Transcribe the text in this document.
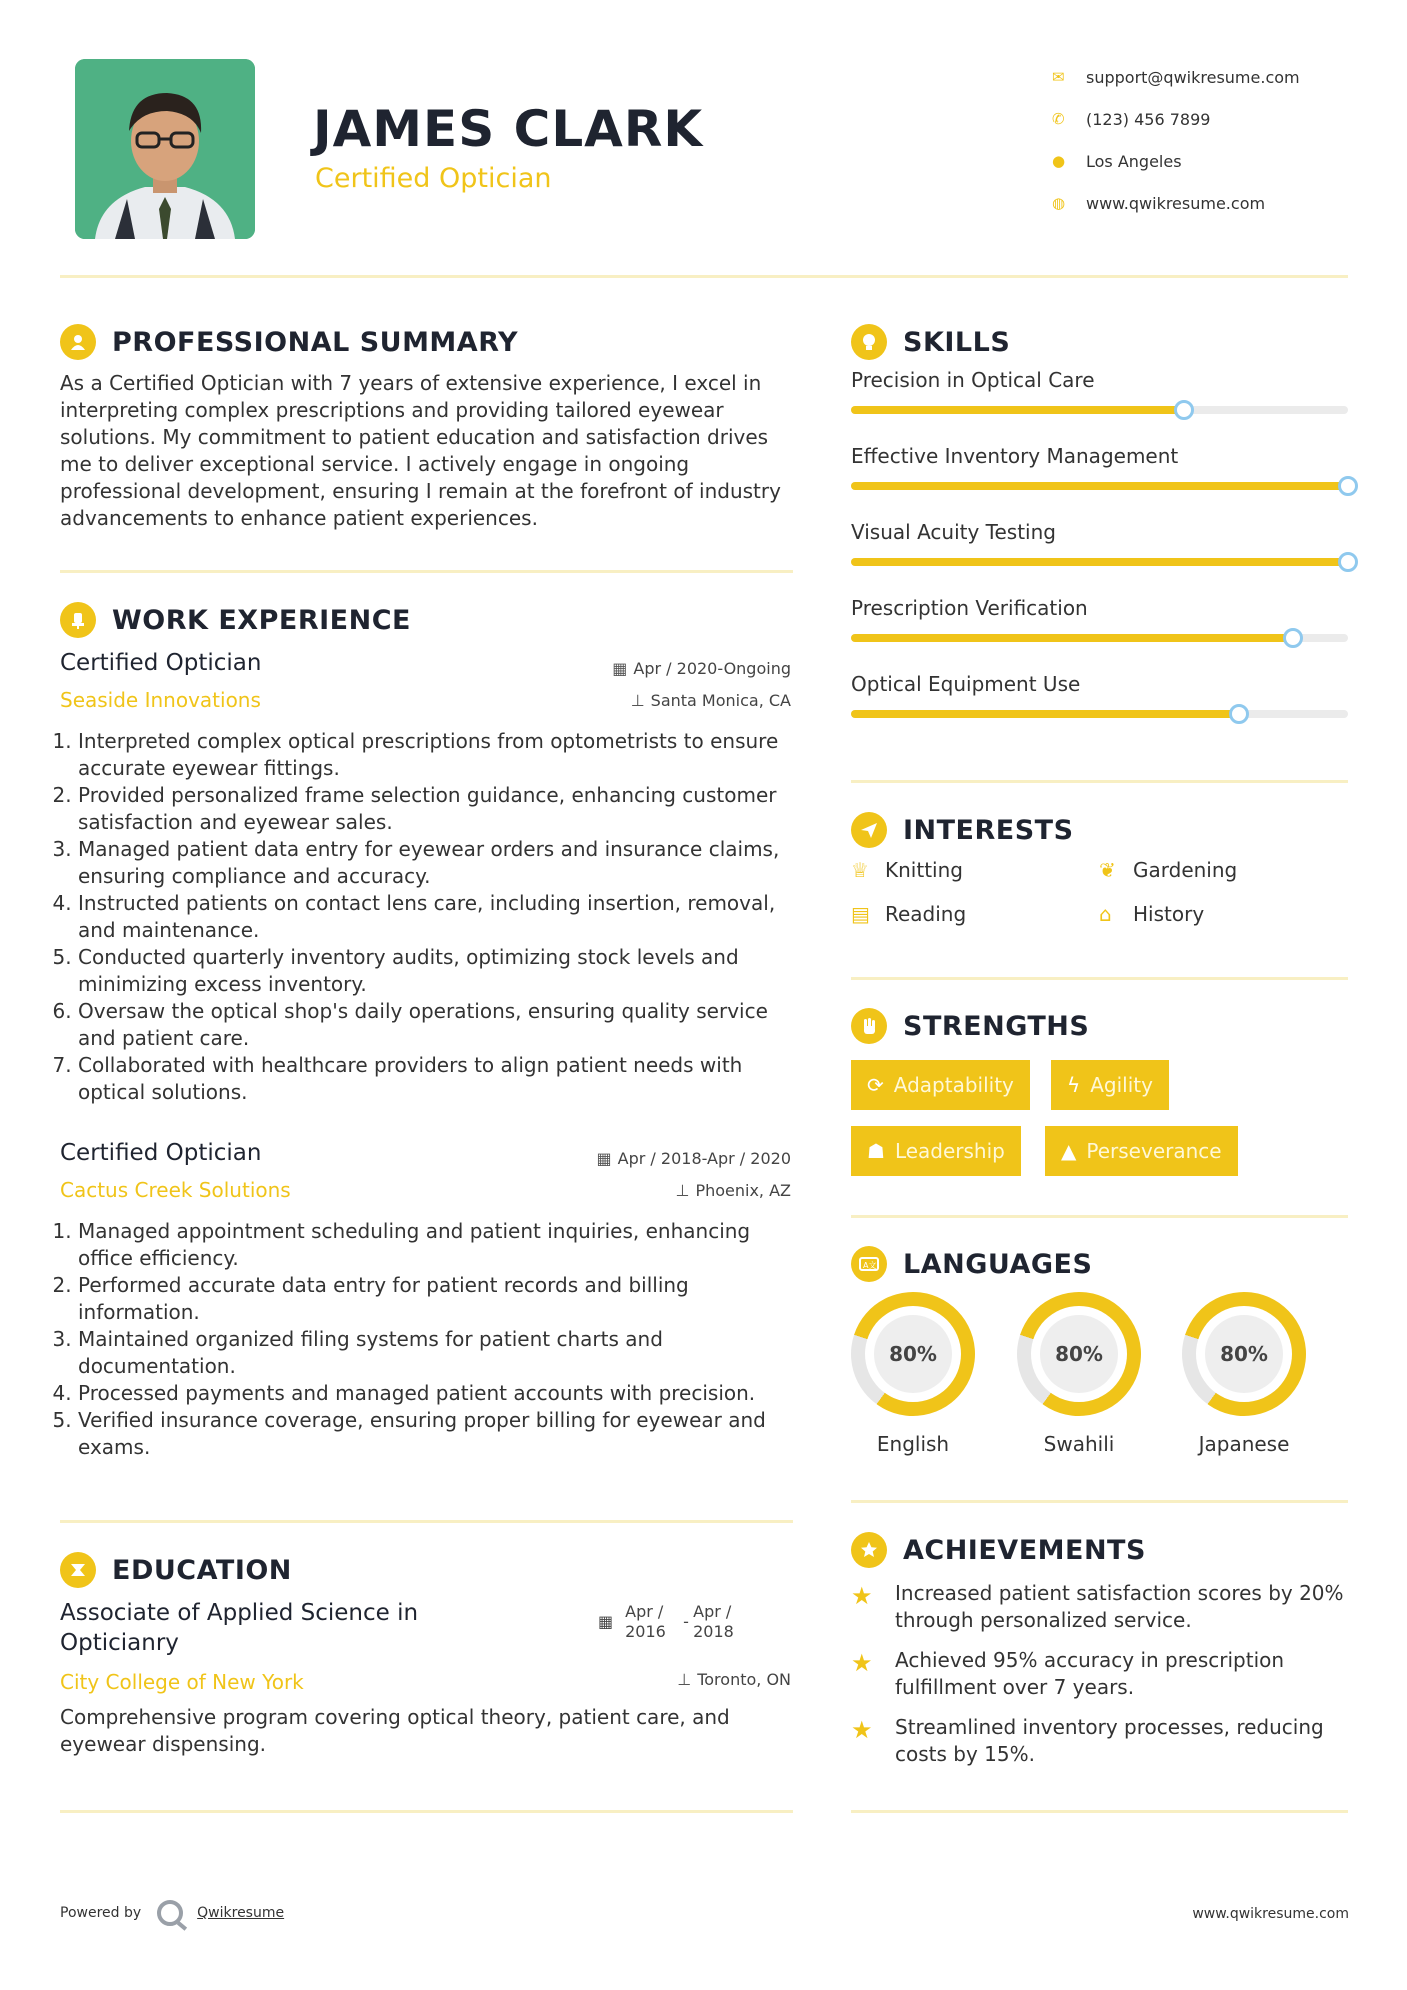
JAMES CLARK
Certified Optician
✉	support@qwikresume.com
✆	(123) 456 7899
●	Los Angeles
◍	www.qwikresume.com
PROFESSIONAL SUMMARY
As a Certified Optician with 7 years of extensive experience, I excel in interpreting complex prescriptions and providing tailored eyewear solutions. My commitment to patient education and satisfaction drives me to deliver exceptional service. I actively engage in ongoing professional development, ensuring I remain at the forefront of industry advancements to enhance patient experiences.
WORK EXPERIENCE
Certified Optician
Seaside Innovations
▦ Apr / 2020-Ongoing
⊥ Santa Monica, CA
1. Interpreted complex optical prescriptions from optometrists to ensure accurate eyewear fittings.
2. Provided personalized frame selection guidance, enhancing customer satisfaction and eyewear sales.
3. Managed patient data entry for eyewear orders and insurance claims, ensuring compliance and accuracy.
4. Instructed patients on contact lens care, including insertion, removal, and maintenance.
5. Conducted quarterly inventory audits, optimizing stock levels and minimizing excess inventory.
6. Oversaw the optical shop's daily operations, ensuring quality service and patient care.
7. Collaborated with healthcare providers to align patient needs with optical solutions.
Certified Optician
Cactus Creek Solutions
▦ Apr / 2018-Apr / 2020
⊥ Phoenix, AZ
1. Managed appointment scheduling and patient inquiries, enhancing office efficiency.
2. Performed accurate data entry for patient records and billing information.
3. Maintained organized filing systems for patient charts and documentation.
4. Processed payments and managed patient accounts with precision.
5. Verified insurance coverage, ensuring proper billing for eyewear and exams.
EDUCATION
Associate of Applied Science in Opticianry
City College of New York
▦
Apr / 2016
-
Apr / 2018
⊥ Toronto, ON
Comprehensive program covering optical theory, patient care, and eyewear dispensing.
SKILLS
Precision in Optical Care
Effective Inventory Management
Visual Acuity Testing
Prescription Verification
Optical Equipment Use
INTERESTS
♕ Knitting	❦ Gardening
▤ Reading	⌂	History
STRENGTHS
⟳ Adaptability	ϟ Agility
☗ Leadership	▲ Perseverance
A文 LANGUAGES
80%
English
80%
Swahili
80%
Japanese
ACHIEVEMENTS
★	Increased patient satisfaction scores by 20% through personalized service.
★	Achieved 95% accuracy in prescription fulfillment over 7 years.
★	Streamlined inventory processes, reducing costs by 15%.
Powered by	Qwikresume	www.qwikresume.com
